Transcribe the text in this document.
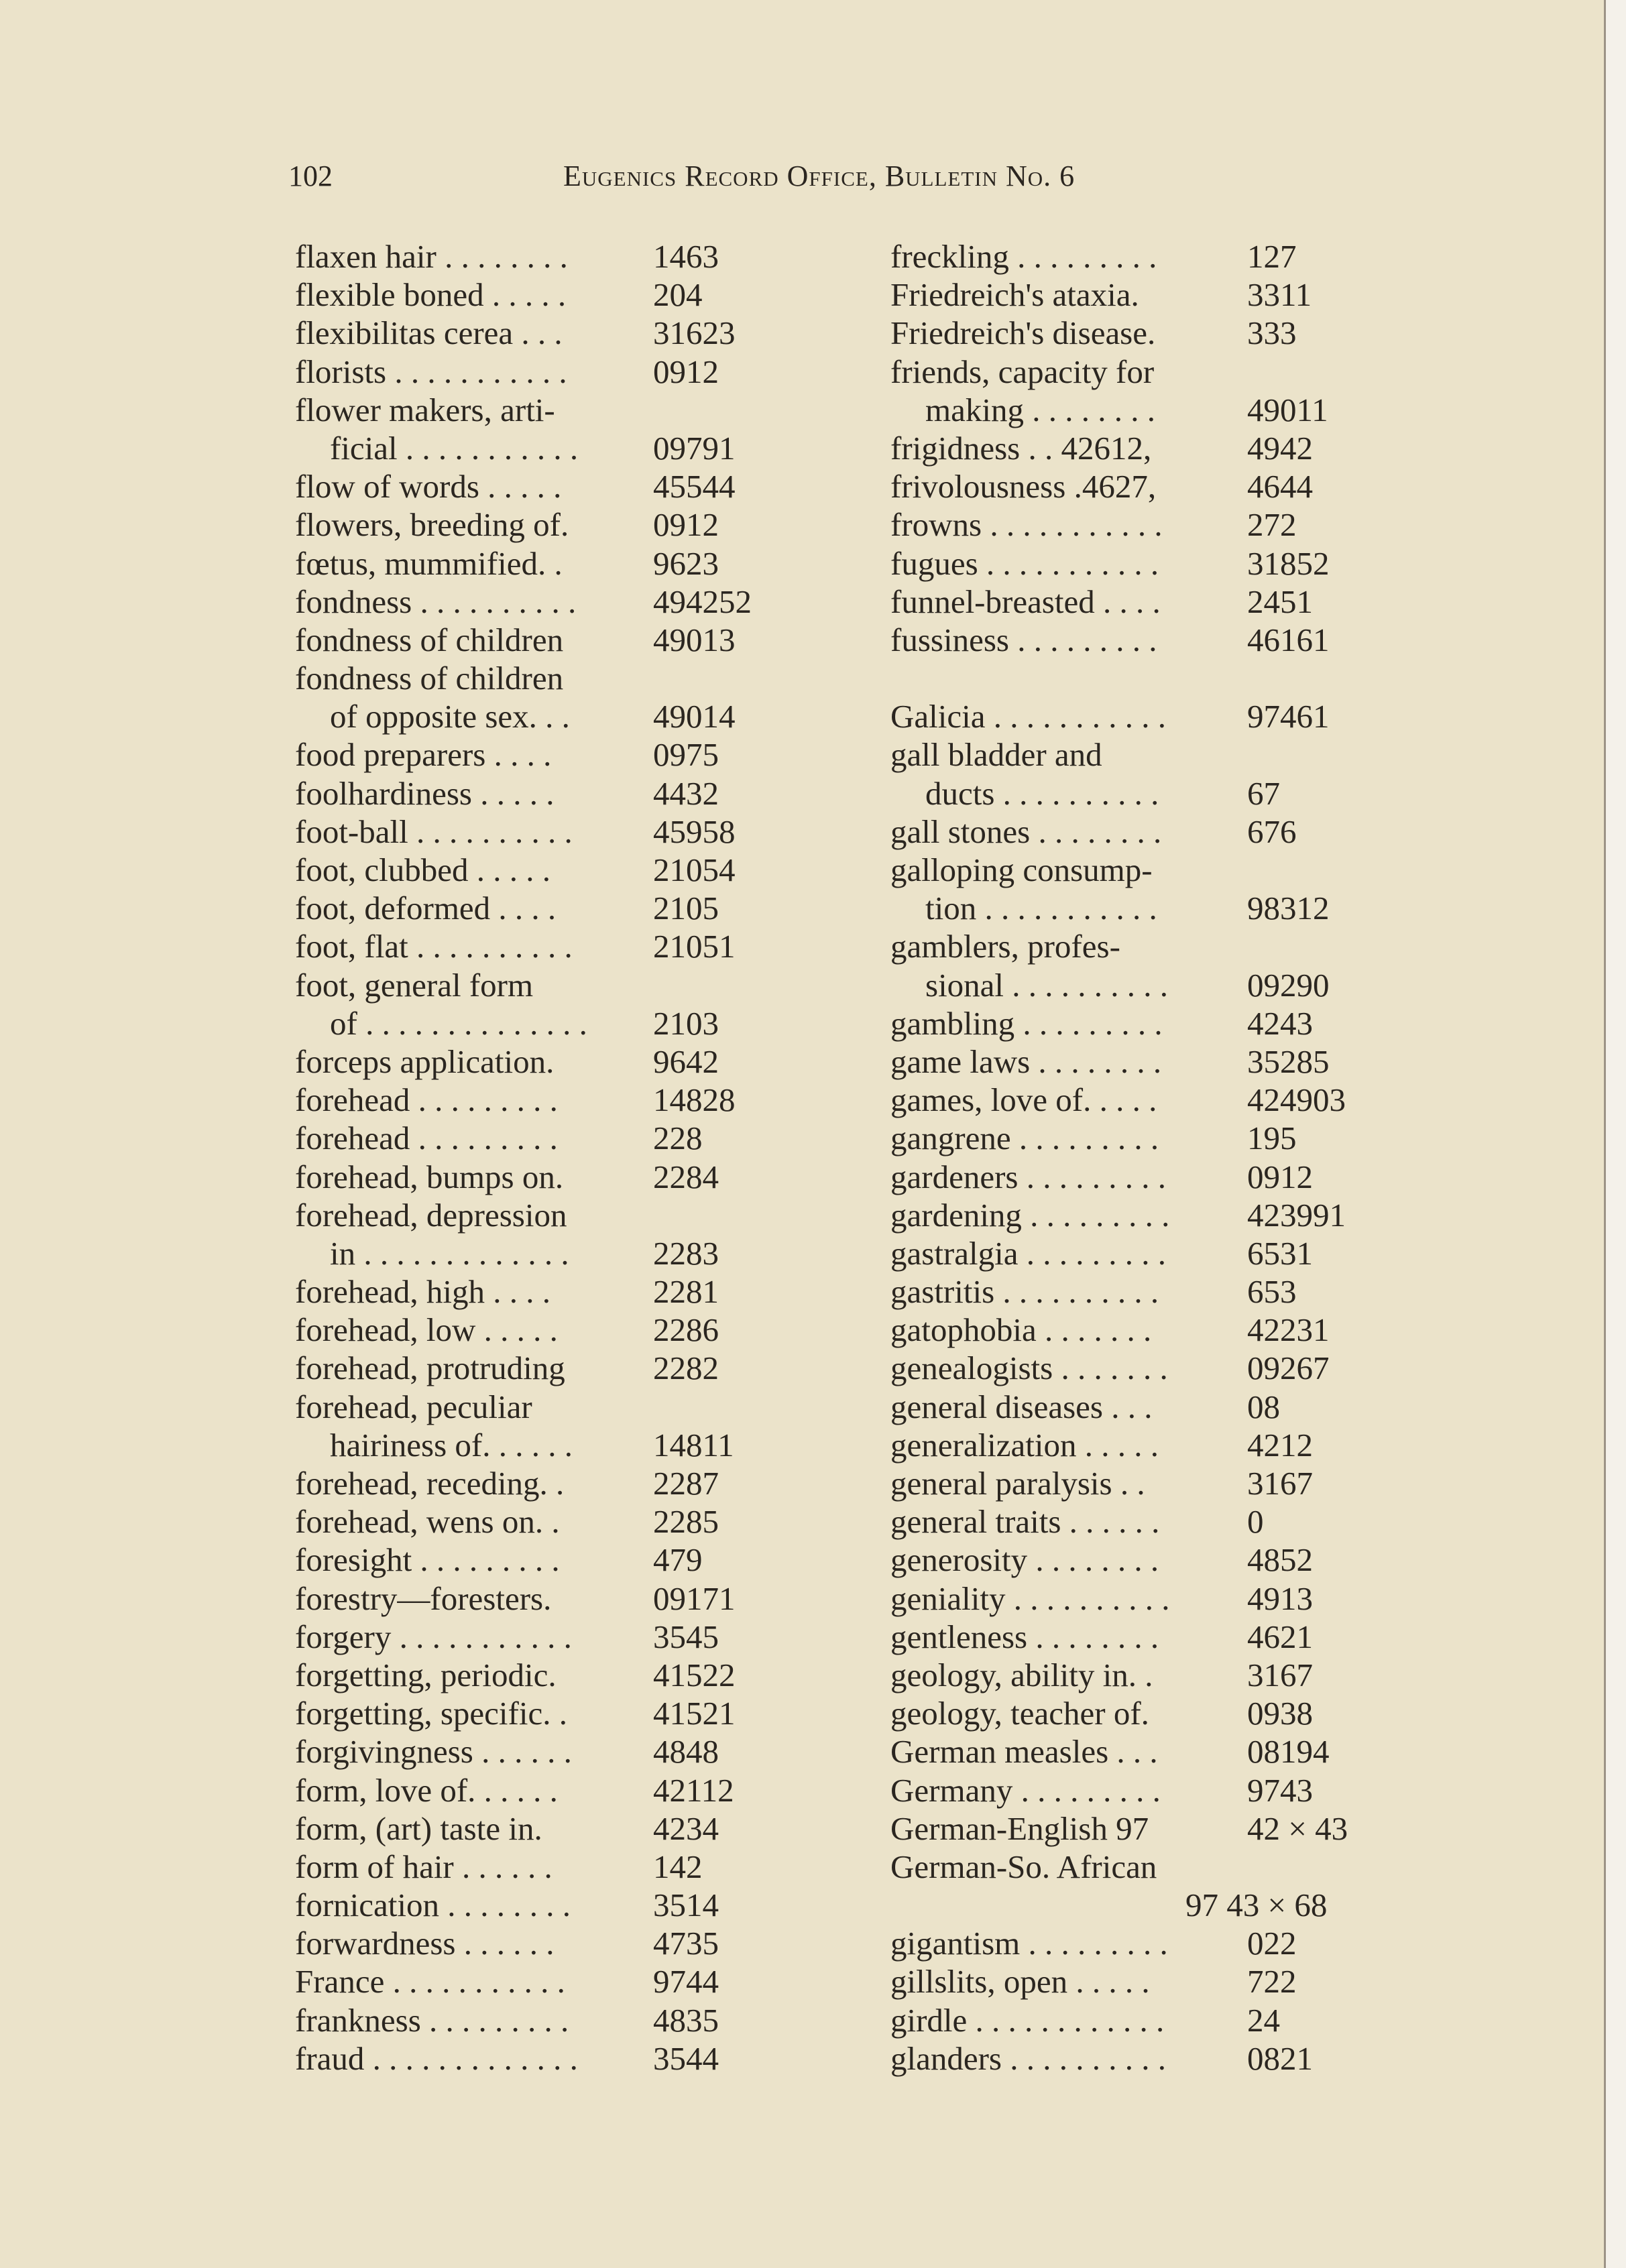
102	Eugenics Record Office, Bulletin No. 6
flaxen hair . . . . . . . .	1463
flexible boned . . . . .	204
flexibilitas cerea . . .	31623
florists . . . . . . . . . . .	0912
flower makers, arti-
ficial . . . . . . . . . . . 09791
flow of words . . . . .	45544
flowers, breeding of.	0912
fœtus, mummified. .	9623
fondness . . . . . . . . . . 494252
fondness of children	49013
fondness of children
of opposite sex. . .	49014
food preparers . . . .	0975
foolhardiness . . . . .	4432
foot-ball . . . . . . . . . . 45958
foot, clubbed . . . . .	21054
foot, deformed . . . .	2105
foot, flat . . . . . . . . . . 21051
foot, general form
of . . . . . . . . . . . . . . 2103
forceps application.	9642
forehead . . . . . . . . .	14828
forehead . . . . . . . . .	228
forehead, bumps on.	2284
forehead, depression
in . . . . . . . . . . . . .	2283
forehead, high . . . .	2281
forehead, low . . . . .	2286
forehead, protruding	2282
forehead, peculiar
hairiness of. . . . . . 14811
forehead, receding. .	2287
forehead, wens on. .	2285
foresight . . . . . . . . .	479
forestry—foresters.	09171
forgery . . . . . . . . . . . 3545
forgetting, periodic.	41522
forgetting, specific. .	41521
forgivingness . . . . . . 4848
form, love of. . . . . .	42112
form, (art) taste in.	4234
form of hair . . . . . .	142
fornication . . . . . . . .	3514
forwardness . . . . . .	4735
France . . . . . . . . . . .	9744
frankness . . . . . . . . .	4835
fraud . . . . . . . . . . . . . 3544
freckling . . . . . . . . .	127
Friedreich's ataxia.	3311
Friedreich's disease.	333
friends, capacity for
making . . . . . . . .	49011
frigidness . . 42612,	4942
frivolousness .4627,	4644
frowns . . . . . . . . . . .	272
fugues . . . . . . . . . . .	31852
funnel-breasted . . . .	2451
fussiness . . . . . . . . .	46161
Galicia . . . . . . . . . . . 97461
gall bladder and
ducts . . . . . . . . . .	67
gall stones . . . . . . . .	676
galloping consump-
tion . . . . . . . . . . .	98312
gamblers, profes-
sional . . . . . . . . . . 09290
gambling . . . . . . . . .	4243
game laws . . . . . . . .	35285
games, love of. . . . .	424903
gangrene . . . . . . . . .	195
gardeners . . . . . . . . . 0912
gardening . . . . . . . . . 423991
gastralgia . . . . . . . . . 6531
gastritis . . . . . . . . . .	653
gatophobia . . . . . . .	42231
genealogists . . . . . . . 09267
general diseases . . .	08
generalization . . . . .	4212
general paralysis . .	3167
general traits . . . . . .	0
generosity . . . . . . . .	4852
geniality . . . . . . . . . . 4913
gentleness . . . . . . . .	4621
geology, ability in. .	3167
geology, teacher of.	0938
German measles . . .	08194
Germany . . . . . . . . .	9743
German-English 97	42 × 43
German-So. African
97 43 × 68
gigantism . . . . . . . . . 022
gillslits, open . . . . .	722
girdle . . . . . . . . . . . .	24
glanders . . . . . . . . . . 0821
